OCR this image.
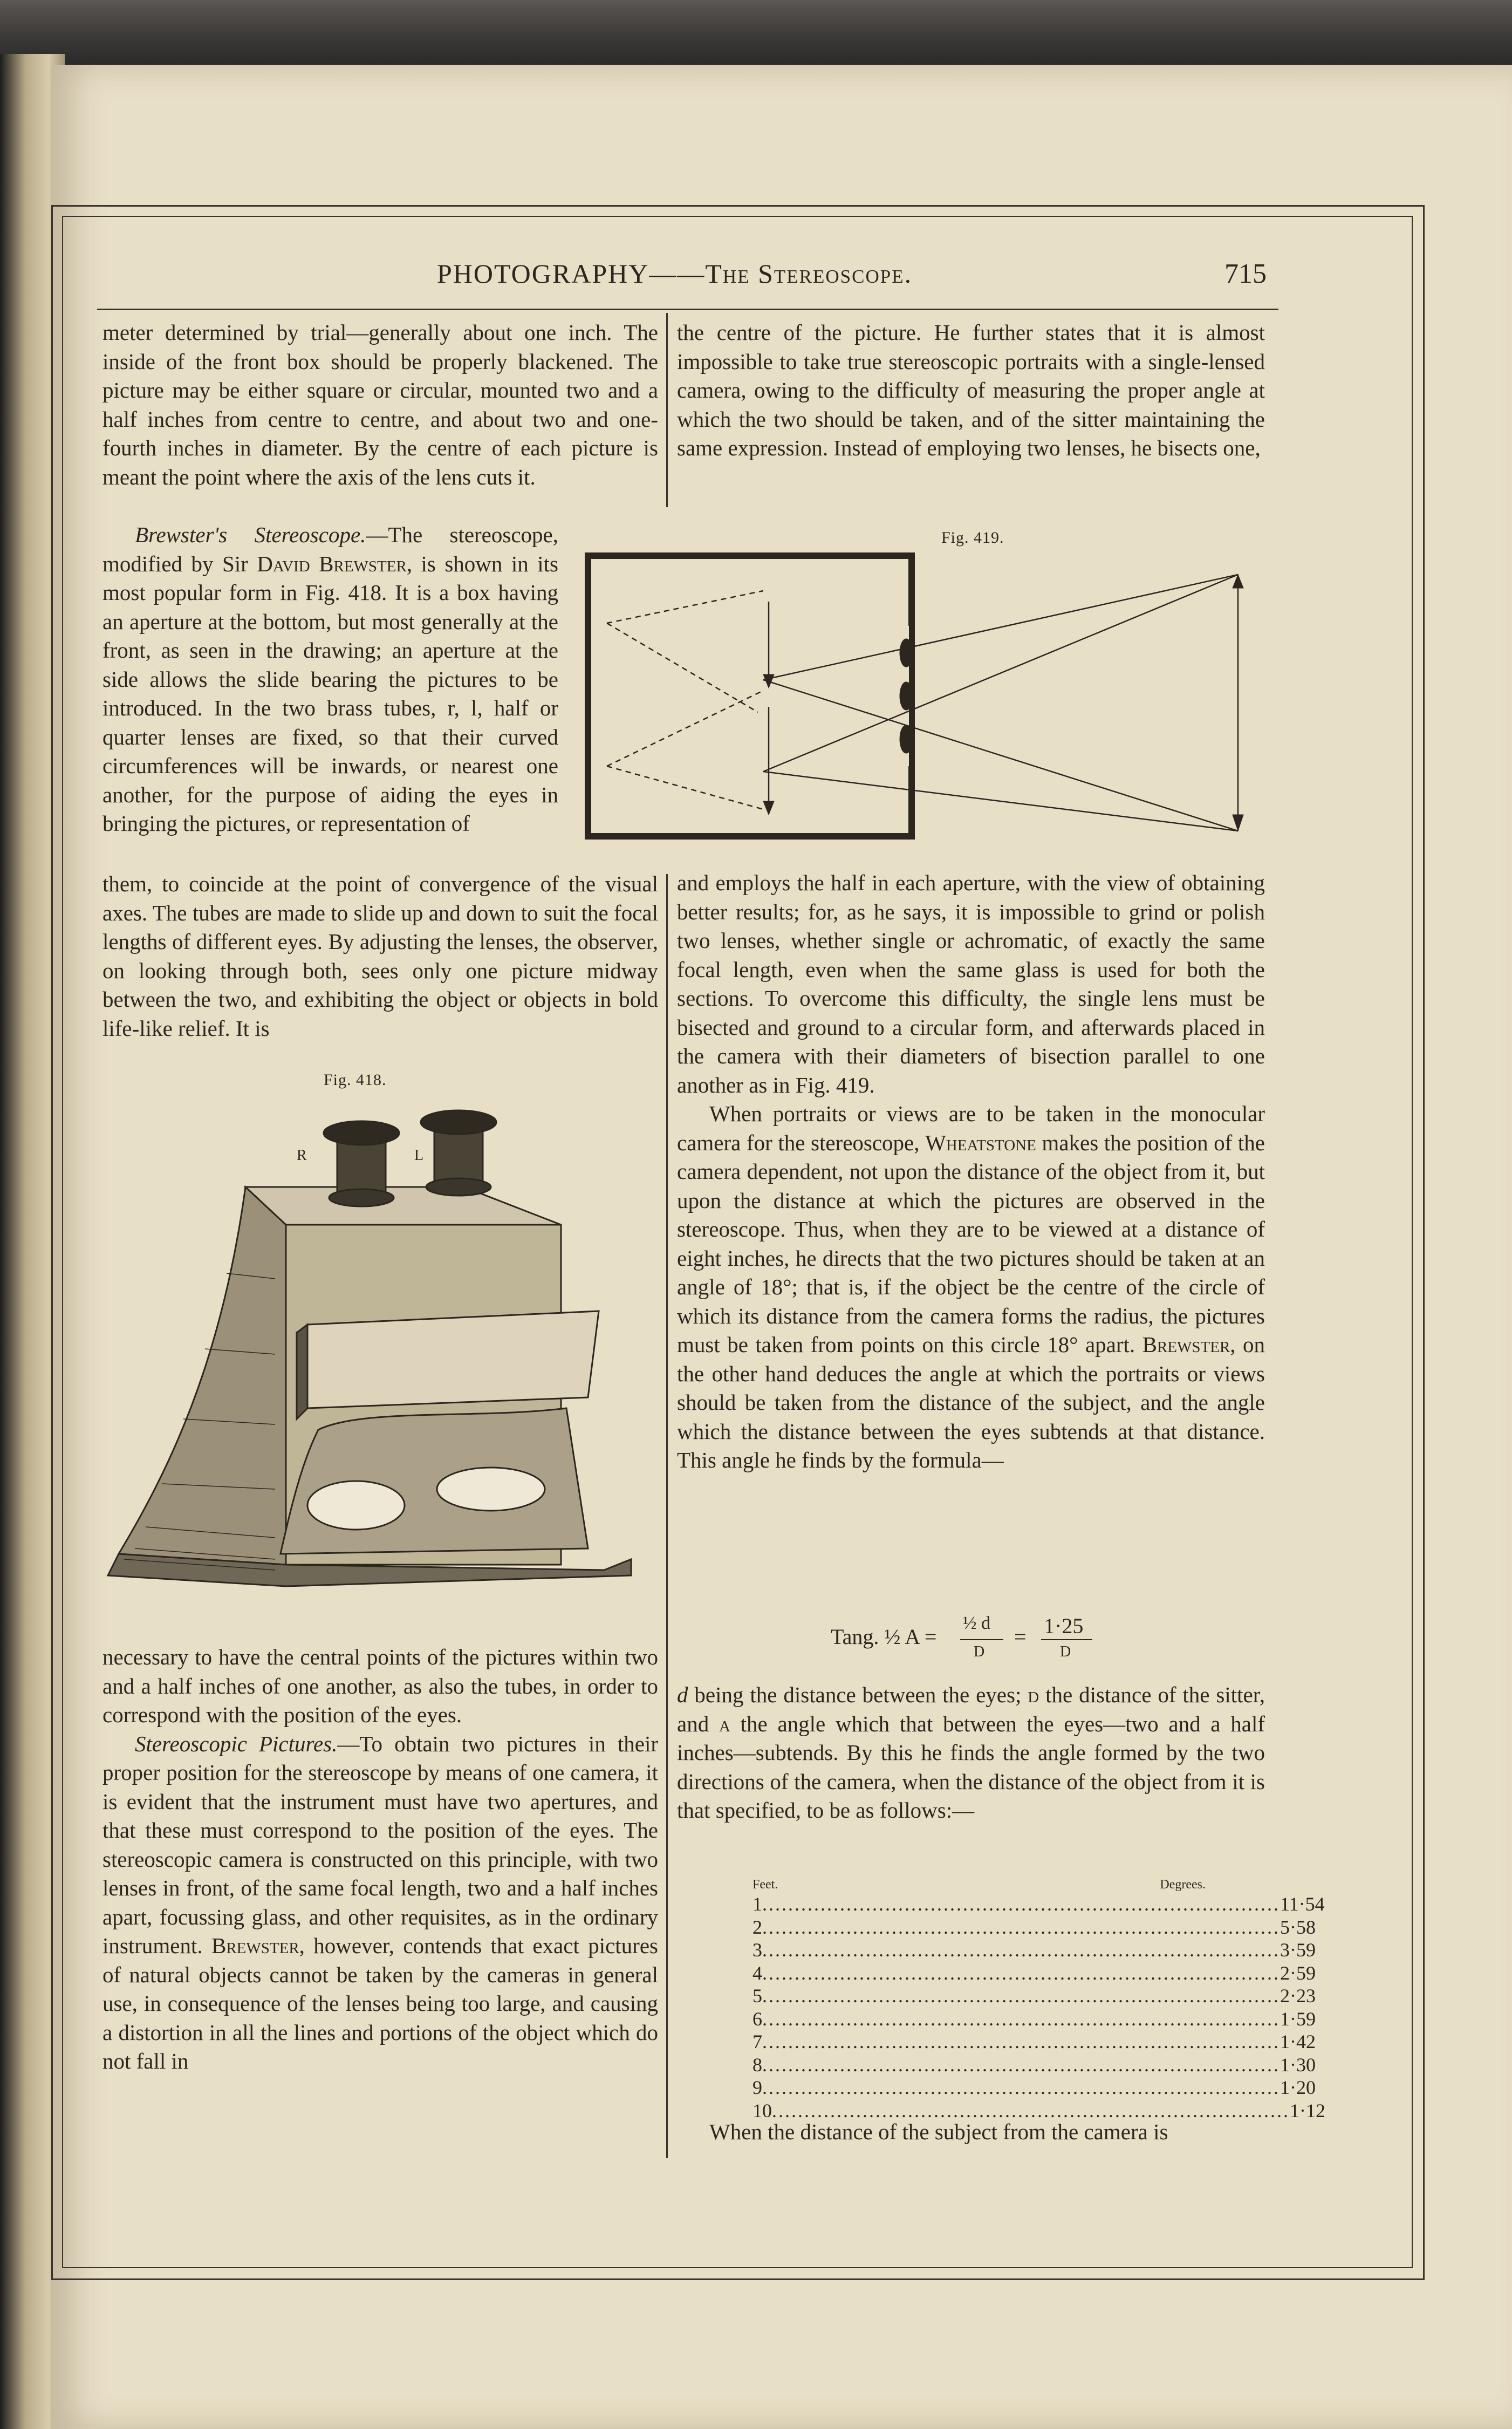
PHOTOGRAPHY——The Stereoscope.	715

meter determined by trial—generally about one inch. The inside of the front box should be properly blackened. The picture may be either square or circular, mounted two and a half inches from centre to centre, and about two and one-fourth inches in diameter. By the centre of each picture is meant the point where the axis of the lens cuts it.

Brewster's Stereoscope.—The stereoscope, modified by Sir David Brewster, is shown in its most popular form in Fig. 418. It is a box having an aperture at the bottom, but most generally at the front, as seen in the drawing; an aperture at the side allows the slide bearing the pictures to be introduced. In the two brass tubes, r, l, half or quarter lenses are fixed, so that their curved circumferences will be inwards, or nearest one another, for the purpose of aiding the eyes in bringing the pictures, or representation of

them, to coincide at the point of convergence of the visual axes. The tubes are made to slide up and down to suit the focal lengths of different eyes. By adjusting the lenses, the observer, on looking through both, sees only one picture midway between the two, and exhibiting the object or objects in bold life-like relief. It is

Fig. 418.
R	L

necessary to have the central points of the pictures within two and a half inches of one another, as also the tubes, in order to correspond with the position of the eyes.

Stereoscopic Pictures.—To obtain two pictures in their proper position for the stereoscope by means of one camera, it is evident that the instrument must have two apertures, and that these must correspond to the position of the eyes. The stereoscopic camera is constructed on this principle, with two lenses in front, of the same focal length, two and a half inches apart, focussing glass, and other requisites, as in the ordinary instrument. Brewster, however, contends that exact pictures of natural objects cannot be taken by the cameras in general use, in consequence of the lenses being too large, and causing a distortion in all the lines and portions of the object which do not fall in

the centre of the picture. He further states that it is almost impossible to take true stereoscopic portraits with a single-lensed camera, owing to the difficulty of measuring the proper angle at which the two should be taken, and of the sitter maintaining the same expression. Instead of employing two lenses, he bisects one,

Fig. 419.

and employs the half in each aperture, with the view of obtaining better results; for, as he says, it is impossible to grind or polish two lenses, whether single or achromatic, of exactly the same focal length, even when the same glass is used for both the sections. To overcome this difficulty, the single lens must be bisected and ground to a circular form, and afterwards placed in the camera with their diameters of bisection parallel to one another as in Fig. 419.

When portraits or views are to be taken in the monocular camera for the stereoscope, Wheatstone makes the position of the camera dependent, not upon the distance of the object from it, but upon the distance at which the pictures are observed in the stereoscope. Thus, when they are to be viewed at a distance of eight inches, he directs that the two pictures should be taken at an angle of 18°; that is, if the object be the centre of the circle of which its distance from the camera forms the radius, the pictures must be taken from points on this circle 18° apart. Brewster, on the other hand deduces the angle at which the portraits or views should be taken from the distance of the subject, and the angle which the distance between the eyes subtends at that distance. This angle he finds by the formula—

Tang. ½ A =
½ d
D
= 1·25
D

d being the distance between the eyes; d the distance of the sitter, and a the angle which that between the eyes—two and a half inches—subtends. By this he finds the angle formed by the two directions of the camera, when the distance of the object from it is that specified, to be as follows:—

Feet.	Degrees.
1 ................................................................................ 11·54
2 ................................................................................ 5·58
3 ................................................................................ 3·59
4 ................................................................................ 2·59
5 ................................................................................ 2·23
6 ................................................................................ 1·59
7 ................................................................................ 1·42
8 ................................................................................ 1·30
9 ................................................................................ 1·20
10 ................................................................................ 1·12

When the distance of the subject from the camera is
